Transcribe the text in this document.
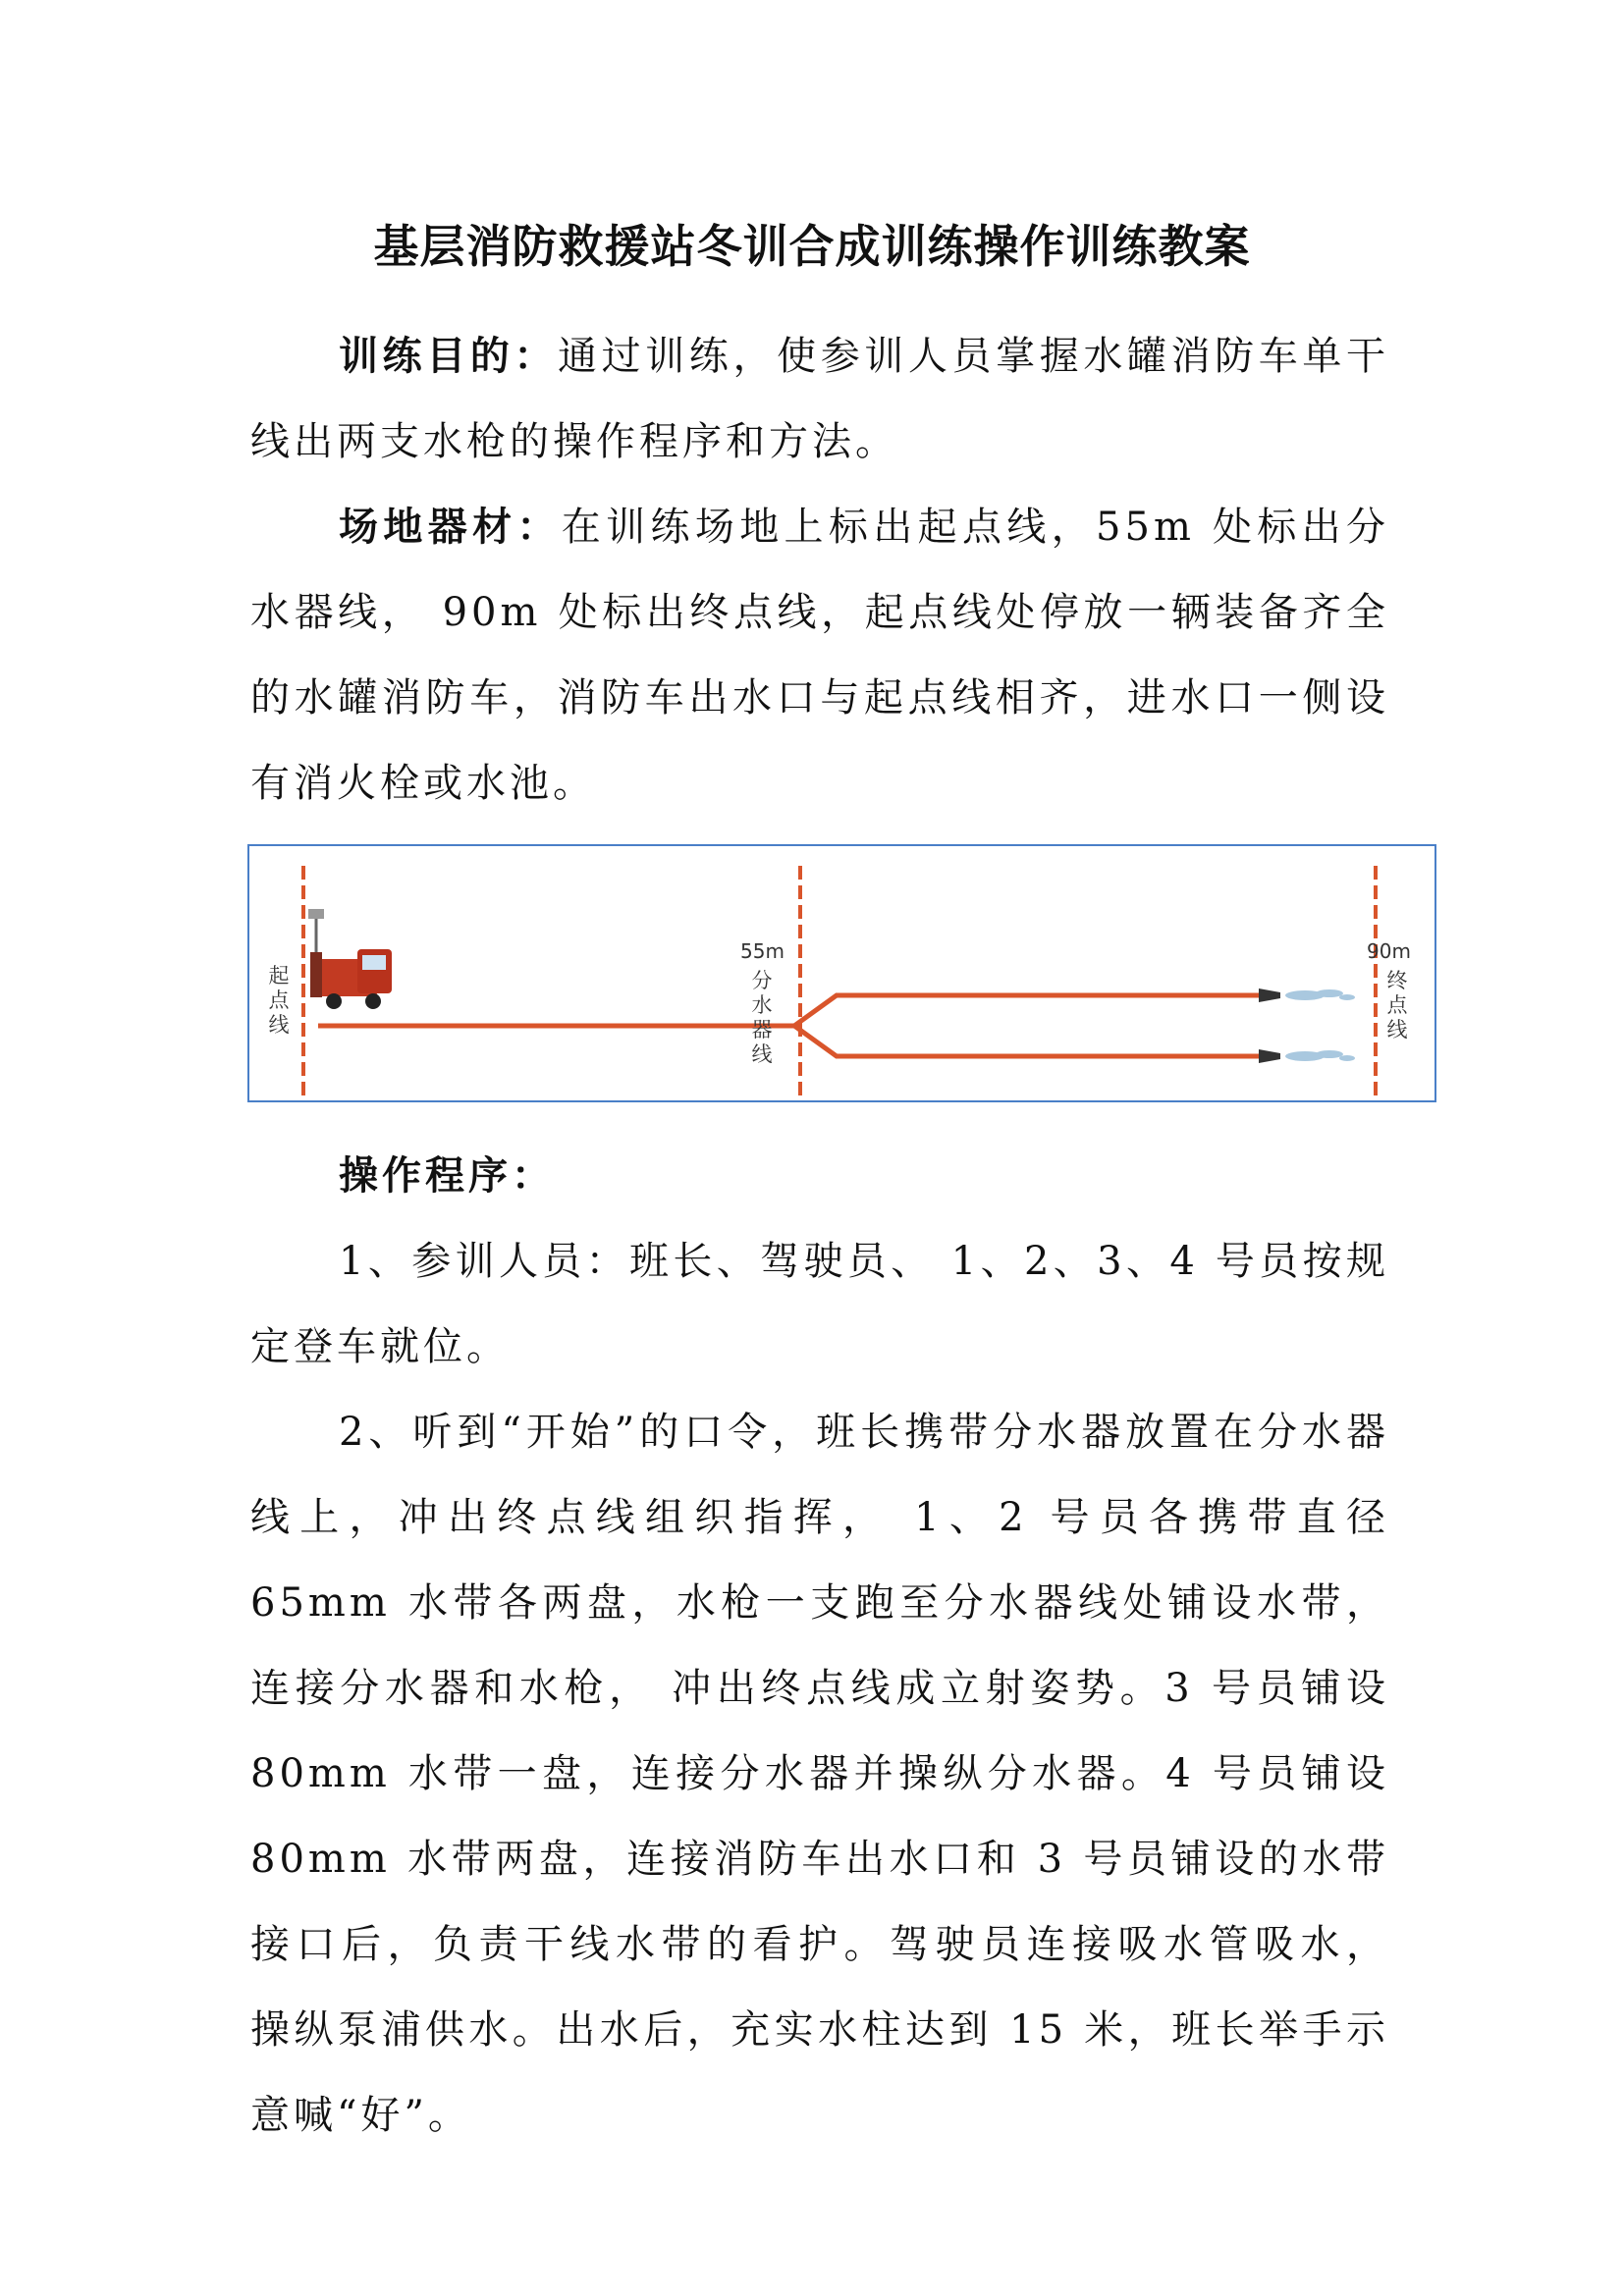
基层消防救援站冬训合成训练操作训练教案

训练目的：通过训练，使参训人员掌握水罐消防车单干线出两支水枪的操作程序和方法。

场地器材：在训练场地上标出起点线，55m 处标出分水器线， 90m 处标出终点线，起点线处停放一辆装备齐全的水罐消防车，消防车出水口与起点线相齐，进水口一侧设有消火栓或水池。

起点线
55m
分水器线
90m
终点线

操作程序：

1、参训人员：班长、驾驶员、 1、2、3、4 号员按规定登车就位。

2、听到“开始”的口令，班长携带分水器放置在分水器线上，冲出终点线组织指挥， 1、2 号员各携带直径 65mm 水带各两盘，水枪一支跑至分水器线处铺设水带，连接分水器和水枪， 冲出终点线成立射姿势。3 号员铺设 80mm 水带一盘，连接分水器并操纵分水器。4 号员铺设 80mm 水带两盘，连接消防车出水口和 3 号员铺设的水带接口后，负责干线水带的看护。驾驶员连接吸水管吸水， 操纵泵浦供水。出水后，充实水柱达到 15 米，班长举手示意喊“好”。
